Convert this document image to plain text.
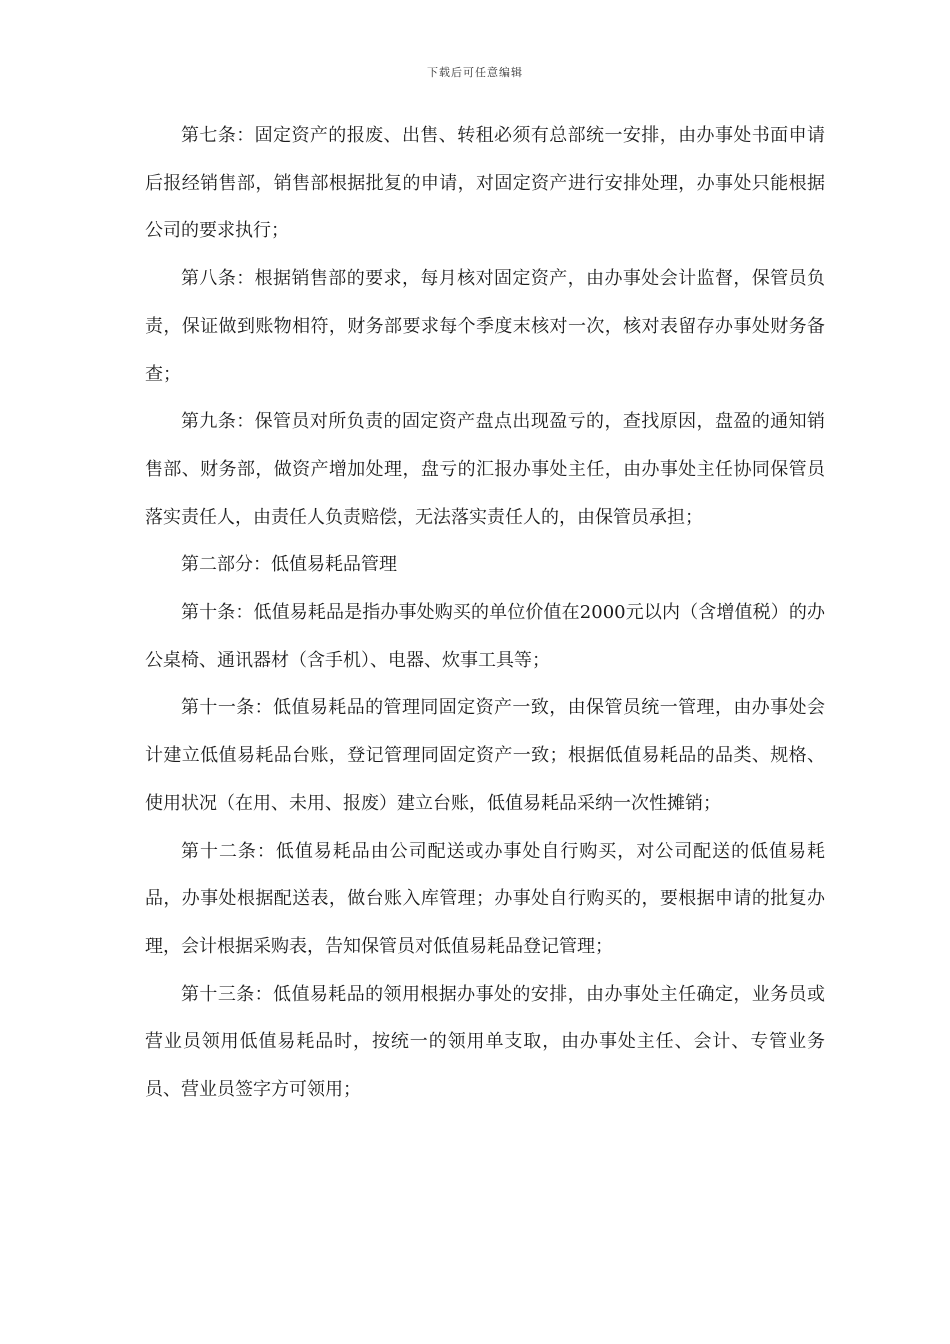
下载后可任意编辑

第七条：固定资产的报废、出售、转租必须有总部统一安排，由办事处书面申请后报经销售部，销售部根据批复的申请，对固定资产进行安排处理，办事处只能根据公司的要求执行；

第八条：根据销售部的要求，每月核对固定资产，由办事处会计监督，保管员负责，保证做到账物相符，财务部要求每个季度末核对一次，核对表留存办事处财务备查；

第九条：保管员对所负责的固定资产盘点出现盈亏的，查找原因，盘盈的通知销售部、财务部，做资产增加处理，盘亏的汇报办事处主任，由办事处主任协同保管员落实责任人，由责任人负责赔偿，无法落实责任人的，由保管员承担；

第二部分：低值易耗品管理

第十条：低值易耗品是指办事处购买的单位价值在2000元以内（含增值税）的办公桌椅、通讯器材（含手机）、电器、炊事工具等；

第十一条：低值易耗品的管理同固定资产一致，由保管员统一管理，由办事处会计建立低值易耗品台账，登记管理同固定资产一致；根据低值易耗品的品类、规格、使用状况（在用、未用、报废）建立台账，低值易耗品采纳一次性摊销；

第十二条：低值易耗品由公司配送或办事处自行购买，对公司配送的低值易耗品，办事处根据配送表，做台账入库管理；办事处自行购买的，要根据申请的批复办理，会计根据采购表，告知保管员对低值易耗品登记管理；

第十三条：低值易耗品的领用根据办事处的安排，由办事处主任确定，业务员或营业员领用低值易耗品时，按统一的领用单支取，由办事处主任、会计、专管业务员、营业员签字方可领用；
